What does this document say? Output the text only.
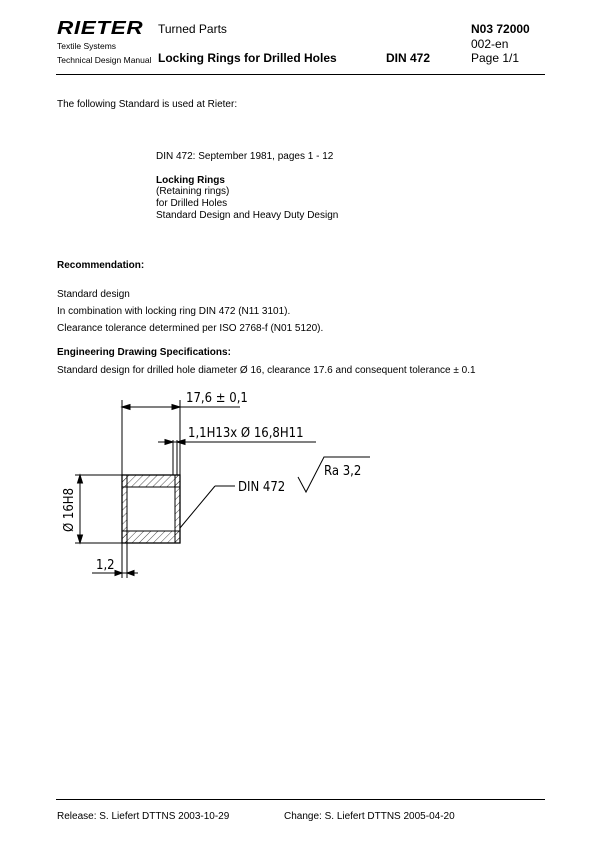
RIETER
Textile Systems
Technical Design Manual
Turned Parts
Locking Rings for Drilled Holes	DIN 472
N03 72000
002-en
Page 1/1
The following Standard is used at Rieter:
DIN 472: September 1981, pages 1 - 12
Locking Rings
(Retaining rings)
for Drilled Holes
Standard Design and Heavy Duty Design
Recommendation:
Standard design
In combination with locking ring DIN 472 (N11 3101).
Clearance tolerance determined per ISO 2768-f (N01 5120).
Engineering Drawing Specifications:
Standard design for drilled hole diameter Ø 16, clearance 17.6 and consequent tolerance ± 0.1
17,6 ± 0,1
1,1H13x Ø 16,8H11
Ø 16H8
DIN 472
Ra 3,2
1,2
Release: S. Liefert DTTNS 2003-10-29	Change: S. Liefert DTTNS 2005-04-20
